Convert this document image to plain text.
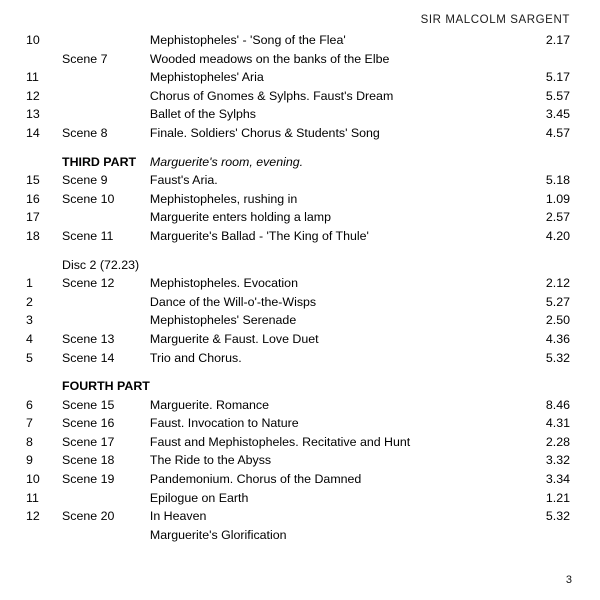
SIR MALCOLM SARGENT
10		Mephistopheles' - 'Song of the Flea'	2.17
	Scene 7	Wooded meadows on the banks of the Elbe	
11		Mephistopheles' Aria	5.17
12		Chorus of Gnomes & Sylphs. Faust's Dream	5.57
13		Ballet of the Sylphs	3.45
14	Scene 8	Finale. Soldiers' Chorus & Students' Song	4.57

	THIRD PART	Marguerite's room, evening.	
15	Scene 9	Faust's Aria.	5.18
16	Scene 10	Mephistopheles, rushing in	1.09
17		Marguerite enters holding a lamp	2.57
18	Scene 11	Marguerite's Ballad - 'The King of Thule'	4.20

	Disc 2 (72.23)		
1	Scene 12	Mephistopheles. Evocation	2.12
2		Dance of the Will-o'-the-Wisps	5.27
3		Mephistopheles' Serenade	2.50
4	Scene 13	Marguerite & Faust. Love Duet	4.36
5	Scene 14	Trio and Chorus.	5.32

	FOURTH PART		
6	Scene 15	Marguerite. Romance	8.46
7	Scene 16	Faust. Invocation to Nature	4.31
8	Scene 17	Faust and Mephistopheles. Recitative and Hunt	2.28
9	Scene 18	The Ride to the Abyss	3.32
10	Scene 19	Pandemonium. Chorus of the Damned	3.34
11		Epilogue on Earth	1.21
12	Scene 20	In Heaven	5.32
		Marguerite's Glorification	
3
